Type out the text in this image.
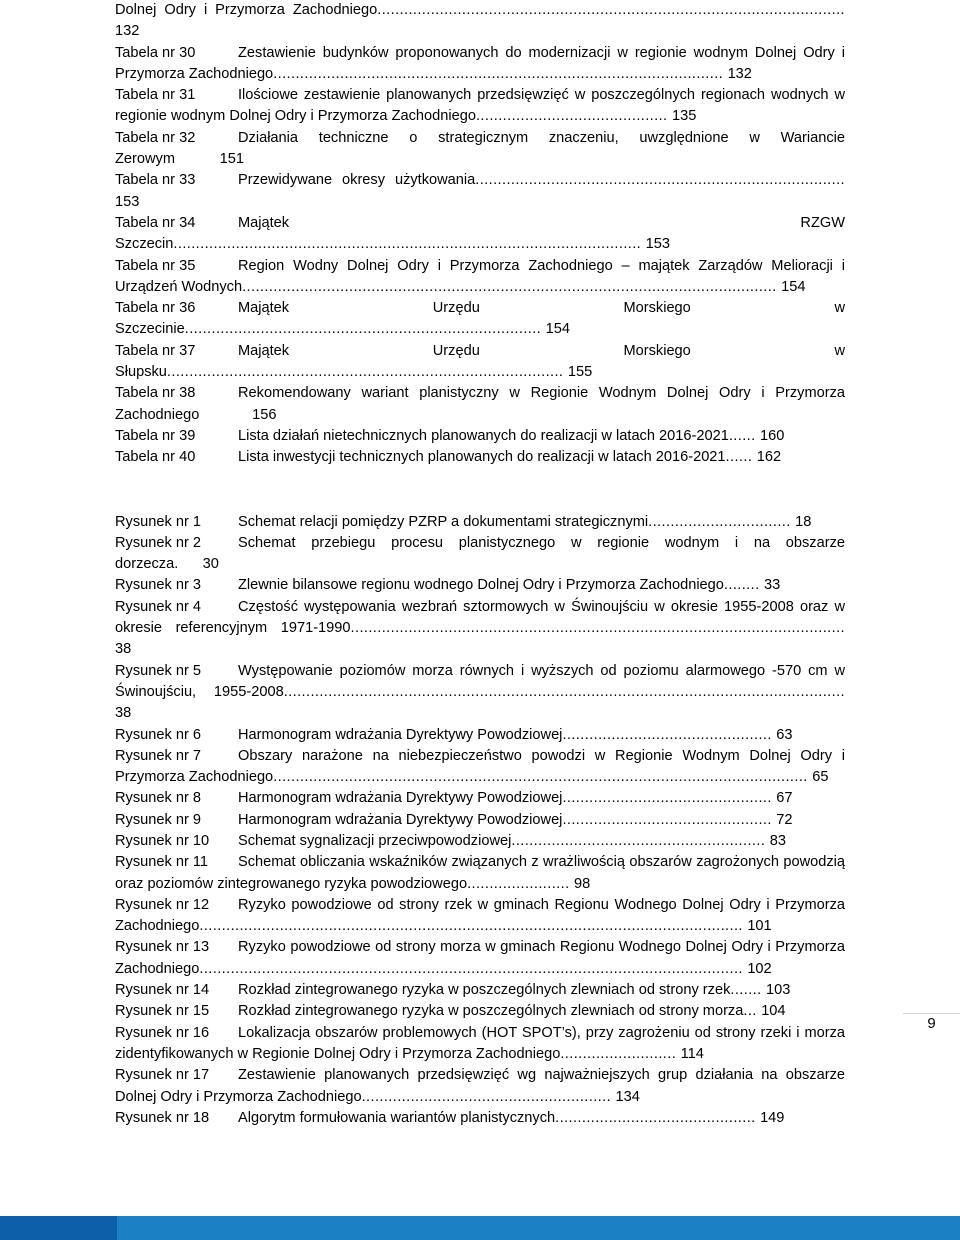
Dolnej Odry i Przymorza Zachodniego......................................................................................................... 132
Tabela nr 30	Zestawienie budynków proponowanych do modernizacji w regionie wodnym Dolnej Odry i Przymorza Zachodniego..................................................................................................... 132
Tabela nr 31	Ilościowe zestawienie planowanych przedsięwzięć w poszczególnych regionach wodnych w regionie wodnym Dolnej Odry i Przymorza Zachodniego........................................... 135
Tabela nr 32	Działania techniczne o strategicznym znaczeniu, uwzględnione w Wariancie Zerowym	151
Tabela nr 33	Przewidywane okresy użytkowania................................................................................... 153
Tabela nr 34	Majątek RZGW Szczecin......................................................................................................... 153
Tabela nr 35	Region Wodny Dolnej Odry i Przymorza Zachodniego – majątek Zarządów Melioracji i Urządzeń Wodnych........................................................................................................................ 154
Tabela nr 36	Majątek Urzędu Morskiego w Szczecinie................................................................................ 154
Tabela nr 37	Majątek Urzędu Morskiego w Słupsku......................................................................................... 155
Tabela nr 38	Rekomendowany wariant planistyczny w Regionie Wodnym Dolnej Odry i Przymorza Zachodniego	156
Tabela nr 39	Lista działań nietechnicznych planowanych do realizacji w latach 2016-2021...... 160
Tabela nr 40	Lista inwestycji technicznych planowanych do realizacji w latach 2016-2021...... 162
Rysunek nr 1	Schemat relacji pomiędzy PZRP a dokumentami strategicznymi................................ 18
Rysunek nr 2	Schemat przebiegu procesu planistycznego w regionie wodnym i na obszarze dorzecza. 30
Rysunek nr 3	Zlewnie bilansowe regionu wodnego Dolnej Odry i Przymorza Zachodniego........ 33
Rysunek nr 4	Częstość występowania wezbrań sztormowych w Świnoujściu w okresie 1955-2008 oraz w okresie referencyjnym 1971-1990............................................................................................................... 38
Rysunek nr 5	Występowanie poziomów morza równych i wyższych od poziomu alarmowego -570 cm w Świnoujściu, 1955-2008.............................................................................................................................. 38
Rysunek nr 6	Harmonogram wdrażania Dyrektywy Powodziowej............................................... 63
Rysunek nr 7	Obszary narażone na niebezpieczeństwo powodzi w Regionie Wodnym Dolnej Odry i Przymorza Zachodniego........................................................................................................................ 65
Rysunek nr 8	Harmonogram wdrażania Dyrektywy Powodziowej............................................... 67
Rysunek nr 9	Harmonogram wdrażania Dyrektywy Powodziowej............................................... 72
Rysunek nr 10 Schemat sygnalizacji przeciwpowodziowej......................................................... 83
Rysunek nr 11 Schemat obliczania wskaźników związanych z wrażliwością obszarów zagrożonych powodzią oraz poziomów zintegrowanego ryzyka powodziowego....................... 98
Rysunek nr 12 Ryzyko powodziowe od strony rzek w gminach Regionu Wodnego Dolnej Odry i Przymorza Zachodniego.......................................................................................................................... 101
Rysunek nr 13 Ryzyko powodziowe od strony morza w gminach Regionu Wodnego Dolnej Odry i Przymorza Zachodniego.......................................................................................................................... 102
Rysunek nr 14 Rozkład zintegrowanego ryzyka w poszczególnych zlewniach od strony rzek....... 103
Rysunek nr 15 Rozkład zintegrowanego ryzyka w poszczególnych zlewniach od strony morza... 104
Rysunek nr 16 Lokalizacja obszarów problemowych (HOT SPOT’s), przy zagrożeniu od strony rzeki i morza zidentyfikowanych w Regionie Dolnej Odry i Przymorza Zachodniego.......................... 114
Rysunek nr 17 Zestawienie planowanych przedsięwzięć wg najważniejszych grup działania na obszarze Dolnej Odry i Przymorza Zachodniego........................................................ 134
Rysunek nr 18 Algorytm formułowania wariantów planistycznych............................................. 149
9
